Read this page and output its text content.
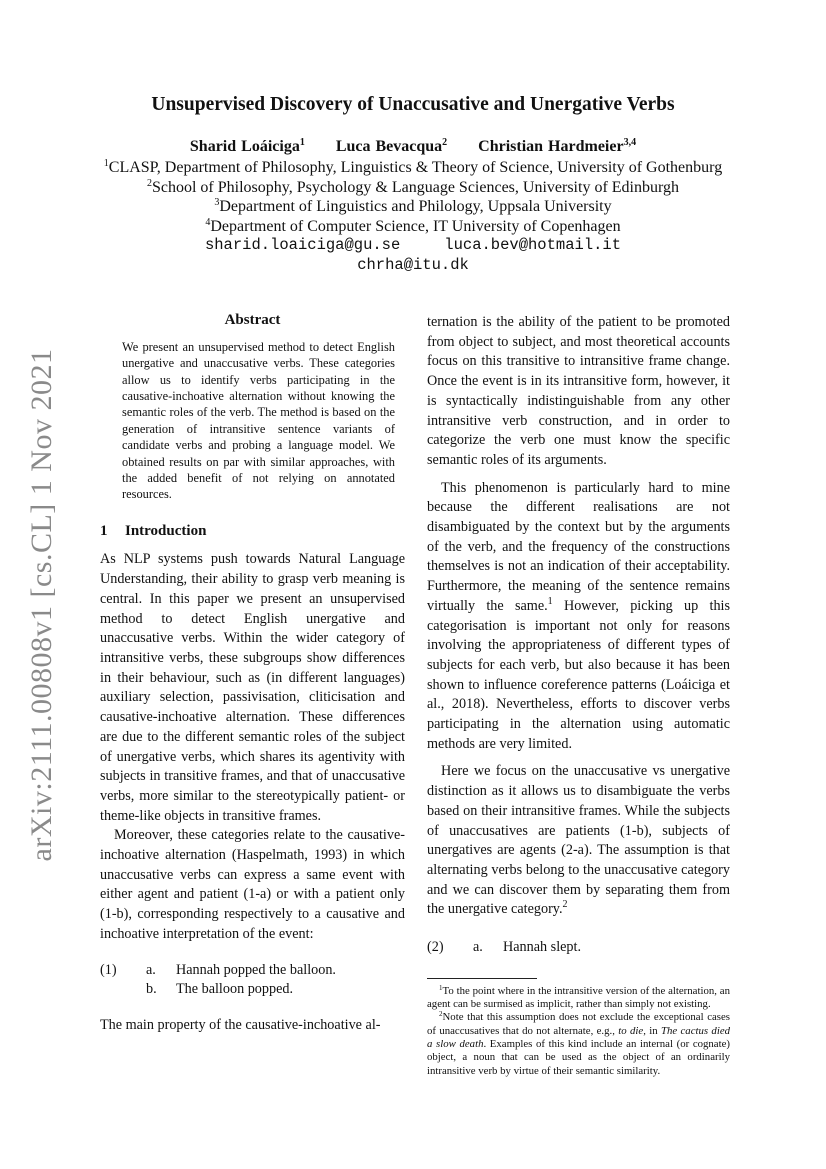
arXiv:2111.00808v1 [cs.CL] 1 Nov 2021
Unsupervised Discovery of Unaccusative and Unergative Verbs
Sharid Loáiciga$^1$ Luca Bevacqua$^2$ Christian Hardmeier$^{3,4}$
$^1$CLASP, Department of Philosophy, Linguistics & Theory of Science, University of Gothenburg
$^2$School of Philosophy, Psychology & Language Sciences, University of Edinburgh
$^3$Department of Linguistics and Philology, Uppsala University
$^4$Department of Computer Science, IT University of Copenhagen
sharid.loaiciga@gu.se	luca.bev@hotmail.it
chrha@itu.dk
Abstract
We present an unsupervised method to detect English unergative and unaccusative verbs. These categories allow us to identify verbs participating in the causative-inchoative alternation without knowing the semantic roles of the verb. The method is based on the generation of intransitive sentence variants of candidate verbs and probing a language model. We obtained results on par with similar approaches, with the added benefit of not relying on annotated resources.
1 Introduction

As NLP systems push towards Natural Language Understanding, their ability to grasp verb meaning is central. In this paper we present an unsupervised method to detect English unergative and unaccusative verbs. Within the wider category of intransitive verbs, these subgroups show differences in their behaviour, such as (in different languages) auxiliary selection, passivisation, cliticisation and causative-inchoative alternation. These differences are due to the different semantic roles of the subject of unergative verbs, which shares its agentivity with subjects in transitive frames, and that of unaccusative verbs, more similar to the stereotypically patient- or theme-like objects in transitive frames.

Moreover, these categories relate to the causative-inchoative alternation (Haspelmath, 1993) in which unaccusative verbs can express a same event with either agent and patient (1-a) or with a patient only (1-b), corresponding respectively to a causative and inchoative interpretation of the event:

(1)	a.	Hannah popped the balloon.
b.	The balloon popped.

The main property of the causative-inchoative al-

ternation is the ability of the patient to be promoted from object to subject, and most theoretical accounts focus on this transitive to intransitive frame change. Once the event is in its intransitive form, however, it is syntactically indistinguishable from any other intransitive verb construction, and in order to categorize the verb one must know the specific semantic roles of its arguments.

This phenomenon is particularly hard to mine because the different realisations are not disambiguated by the context but by the arguments of the verb, and the frequency of the constructions themselves is not an indication of their acceptability. Furthermore, the meaning of the sentence remains virtually the same.$^1$ However, picking up this categorisation is important not only for reasons involving the appropriateness of different types of subjects for each verb, but also because it has been shown to influence coreference patterns (Loáiciga et al., 2018). Nevertheless, efforts to discover verbs participating in the alternation using automatic methods are very limited.

Here we focus on the unaccusative vs unergative distinction as it allows us to disambiguate the verbs based on their intransitive frames. While the subjects of unaccusatives are patients (1-b), subjects of unergatives are agents (2-a). The assumption is that alternating verbs belong to the unaccusative category and we can discover them by separating them from the unergative category.$^2$

(2)	a.	Hannah slept.

$^1$To the point where in the intransitive version of the alternation, an agent can be surmised as implicit, rather than simply not existing.

$^2$Note that this assumption does not exclude the exceptional cases of unaccusatives that do not alternate, e.g., to die, in The cactus died a slow death. Examples of this kind include an internal (or cognate) object, a noun that can be used as the object of an ordinarily intransitive verb by virtue of their semantic similarity.
